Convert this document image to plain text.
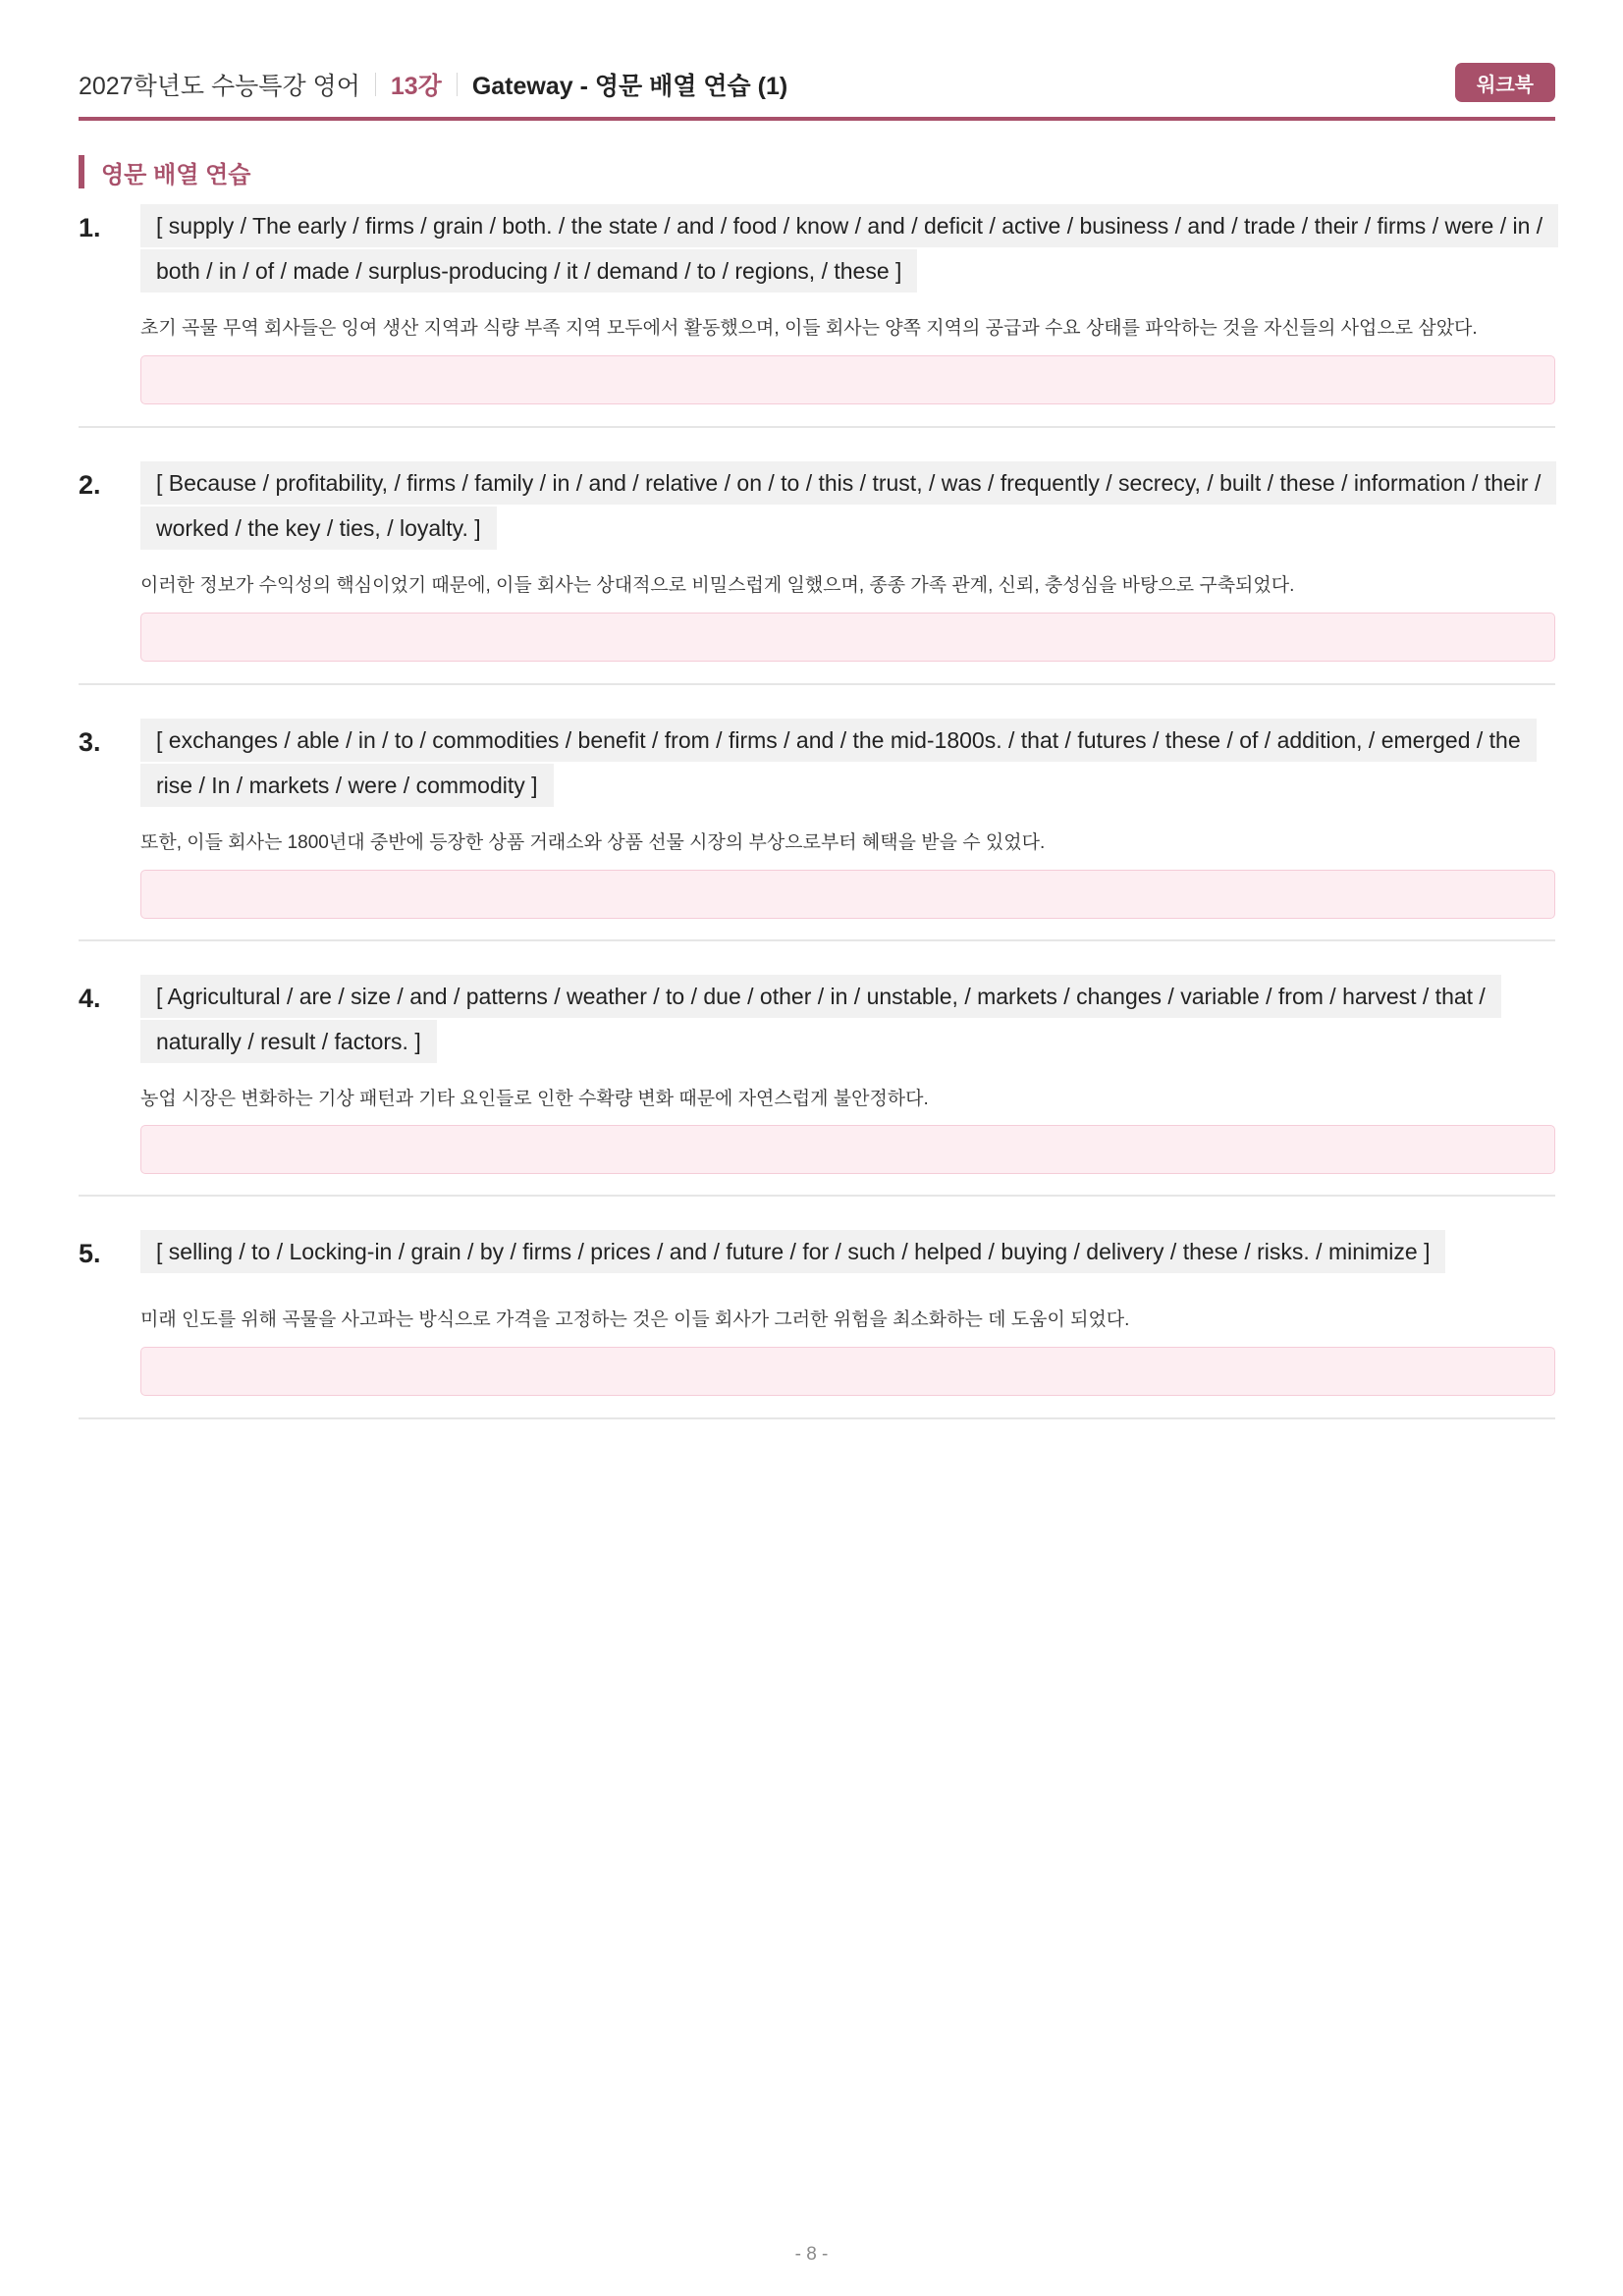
2027학년도 수능특강 영어 13강 Gateway - 영문 배열 연습 (1)	워크북
영문 배열 연습
1.	[ supply / The early / firms / grain / both. / the state / and / food / know / and / deficit / active / business / and / trade / their / firms / were / in / both / in / of / made / surplus-producing / it / demand / to / regions, / these ]
초기 곡물 무역 회사들은 잉여 생산 지역과 식량 부족 지역 모두에서 활동했으며, 이들 회사는 양쪽 지역의 공급과 수요 상태를 파악하는 것을 자신들의 사업으로 삼았다.
2.	[ Because / profitability, / firms / family / in / and / relative / on / to / this / trust, / was / frequently / secrecy, / built / these / information / their / worked / the key / ties, / loyalty. ]
이러한 정보가 수익성의 핵심이었기 때문에, 이들 회사는 상대적으로 비밀스럽게 일했으며, 종종 가족 관계, 신뢰, 충성심을 바탕으로 구축되었다.
3.	[ exchanges / able / in / to / commodities / benefit / from / firms / and / the mid-1800s. / that / futures / these / of / addition, / emerged / the rise / In / markets / were / commodity ]
또한, 이들 회사는 1800년대 중반에 등장한 상품 거래소와 상품 선물 시장의 부상으로부터 혜택을 받을 수 있었다.
4.	[ Agricultural / are / size / and / patterns / weather / to / due / other / in / unstable, / markets / changes / variable / from / harvest / that / naturally / result / factors. ]
농업 시장은 변화하는 기상 패턴과 기타 요인들로 인한 수확량 변화 때문에 자연스럽게 불안정하다.
5.	[ selling / to / Locking-in / grain / by / firms / prices / and / future / for / such / helped / buying / delivery / these / risks. / minimize ]
미래 인도를 위해 곡물을 사고파는 방식으로 가격을 고정하는 것은 이들 회사가 그러한 위험을 최소화하는 데 도움이 되었다.
- 8 -
